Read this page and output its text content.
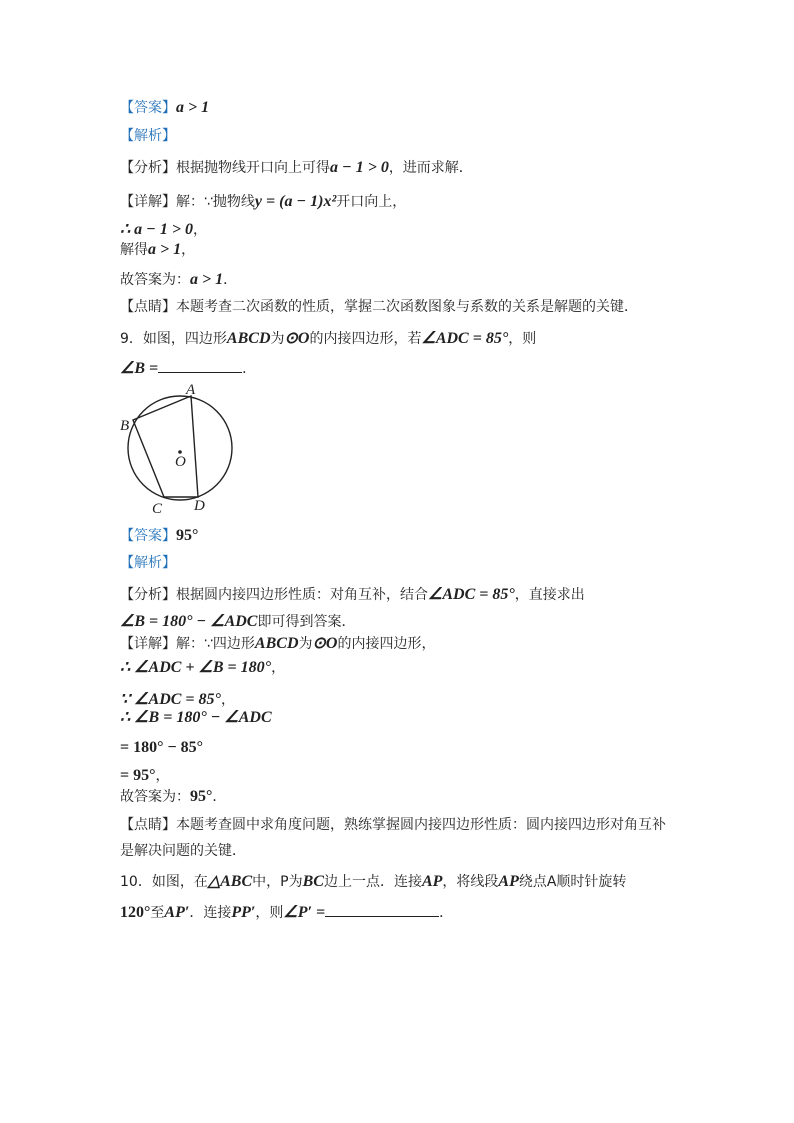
【答案】a > 1
【解析】
【分析】根据抛物线开口向上可得a − 1 > 0，进而求解．
【详解】解：∵抛物线y = (a − 1)x²开口向上，
∴ a − 1 > 0，
解得a > 1，
故答案为：a > 1．
【点睛】本题考查二次函数的性质，掌握二次函数图象与系数的关系是解题的关键．
9．如图，四边形ABCD为⊙O的内接四边形，若∠ADC = 85°，则
∠B =	．
A
B
C D
O
【答案】95°
【解析】
【分析】根据圆内接四边形性质：对角互补，结合∠ADC = 85°，直接求出
∠B = 180° − ∠ADC即可得到答案．
【详解】解：∵四边形ABCD为⊙O的内接四边形，
∴ ∠ADC + ∠B = 180°，
∵ ∠ADC = 85°，
∴ ∠B = 180° − ∠ADC
= 180° − 85°
= 95°，
故答案为：95°．
【点睛】本题考查圆中求角度问题，熟练掌握圆内接四边形性质：圆内接四边形对角互补
是解决问题的关键．
10．如图，在△ABC中，P为BC边上一点．连接AP，将线段AP绕点A顺时针旋转
120°至AP′．连接PP′，则∠P′ =	．
